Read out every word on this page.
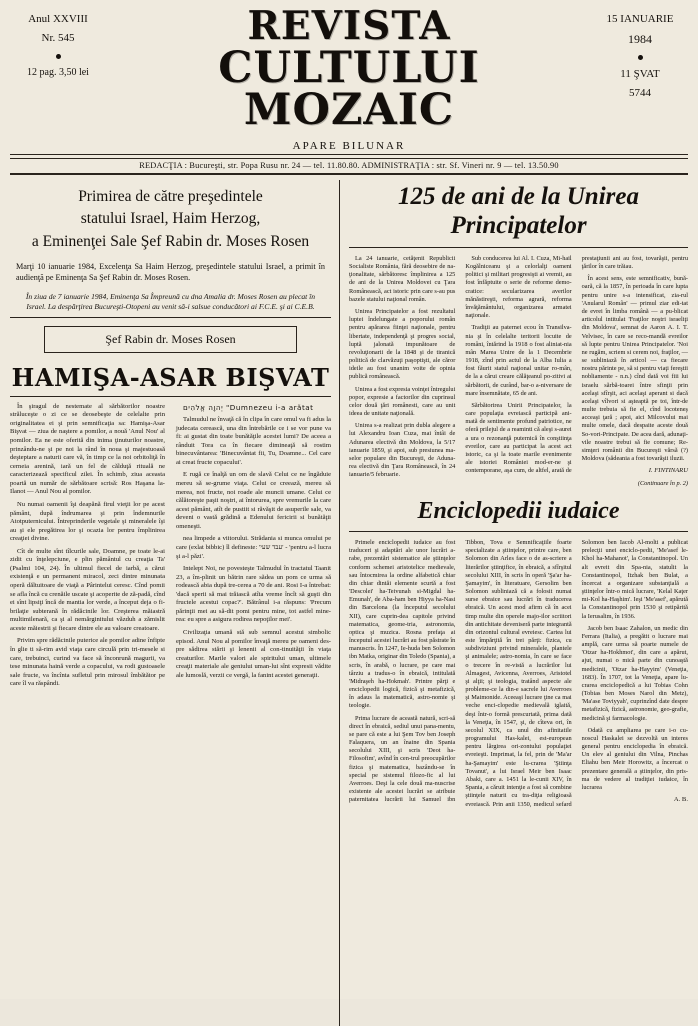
Anul XXVIII
Nr. 545
12 pag. 3,50 lei
REVISTA
CULTULUI MOZAIC
APARE BILUNAR
15 IANUARIE
1984
11 ŞVAT
5744
REDACŢIA : Bucureşti, str. Popa Rusu nr. 24 — tel. 11.80.80. ADMINISTRAŢIA : str. Sf. Vineri nr. 9 — tel. 13.50.90
Primirea de către preşedintele
statului Israel, Haim Herzog,
a Eminenţei Sale Şef Rabin dr. Moses Rosen
Marţi 10 ianuarie 1984, Excelenţa Sa Haim Herzog, preşedintele statului Israel, a primit în audienţă pe Eminenţa Sa Şef Rabin dr. Moses Rosen.
În ziua de 7 ianuarie 1984, Eminenţa Sa Împreună cu dna Amalia dr. Moses Rosen au plecat în Israel. La despărţirea Bucureşti-Otopeni au venit să-i salsue conducători ai F.C.E. şi ai C.E.B.
Şef Rabin dr. Moses Rosen
HAMIŞA-ASAR BIŞVAT

În şiragul de nestemate al sărbătorilor noastre străluceşte o zi ce se deosebeşte de celelalte prin originalitatea ei şi prin semnificaţia sa: Hamişa-Asar Bişvat — ziua de naştere a pomilor, a nouă 'Anul Nou' al pomilor. Ea ne este oferită din inima ţinuturilor noastre, prinzându-ne şi pe noi la rând în noua şi majestuoasă deşteptare a naturii care vă, în timp ce la noi orbitoliţă în cerneia arenină, iară un fel de călduţă rituală ne caracterizează specificul zilei. În schimb, ziua aceasta poartă un număr de sărbătoare scrisă: Ros Haşana la-Ilanot — Anul Nou al pomilor.

Nu numai oamenii îşi deapănă firul vieţii lor pe acest pământ, după îndrumarea şi prin îndemnurile Atotputernicului. Întreprinderile vegetale şi mineralele îşi au şi ele pregătirea lor şi ocazia lor pentru împlinirea creaţiei divine.

Cît de multe sînt tîlcurile sale, Doamne, pe toate le-ai zidit cu înţelepciune, e plin pământul cu creaţia Ta' (Psalmi 104, 24). În ultimul fiecel de iarbă, a cărui existenţă e un permanent miracol, zeci dintre minunata operă dăltuitoare de viaţă a Pârintelui ceresc. Cînd pomii se afla încă cu crenăile uscate şi acoperite de ză-padă, cînd ei sînt lipsiţi încă de mantia lor verde, a început deja o fi-brilaţie subterană în rădăcinile lor. Creşterea măiastră multimilenară, ca şi al nemărginitului văzduh a zămislit aceste măiestrii şi fiecare dintre ele au valoare creatoare.

Privim spre rădăcinile puterice ale pomilor adine înfipte în glie ti să-rim avid viaţa care circulă prin tri-mesele si care, trebuinci, curind va face să înconrună magurii, va tese minunata haină verde a copacului, va rodi gustoasele sale fructe, va încînta sufletul prin mirosul îmbătător pe care îl va răspândi.

יְהוָה אֱלֹהִים "Dumnezeu i-a arătat

Talmudul ne învaţă că în clipa în care omul va fi adus la judecata cerească, una din întrebările ce i se vor pune va fi: ai gustat din toate bunătăţile acestei lumi? De aceea a rânduit Tora ca în fiecare dimineaţă să rostim binecuvântarea: 'Binecuvântat fii, Tu, Doamne... Cel care ai creat fructe copacului'.

E rugă ce înalţă un om de slavă Celui ce ne îngăduie mereu să se-grume viaţa. Celui ce creează, mereu să merea, noi fructe, noi roade ale muncii umane. Celui ce călătoreşte paşii noştri, ai întorurea, spre vremurile la care acest pământ, atît de pustiit si răvăşit de asuperile sale, va deveni o vastă grădină a Edenului fericirii si bunătăţii omeneşti.

nea limpede a viitorului. Strădania si munca omului pe care (exlat bibbic) îl defineste: 'עבד שעי' - 'pentru a-l lucra şi a-l păzi'.

Intelept Noi, ne povesteşte Talmudul în tractatul Taanit 23, a îm-plinit un bătrin rare sădea un pom ce urma să rodească abia după tre-cerea a 70 de ani. Rosi I-a întrebat: 'dacă sperii să mai trăiască atîta vreme încît să guşti din fructele acestui copac?'. Bătrânul i-a răspuns: 'Precum părinţii mei au să-dit pomi pentru mine, tot astfel mine-rea: eu spre a asigura rodirea nepoţilor mei'.

Civilizaţia umană stă sub semnul acestui simbolic episod. Anul Nou al pomilor învaţă mereu pe oameni des-pre sădirea stării şi lenenii al con-tinuităţii în viaţa creaturilor. Marile valori ale spiritului uman, ultimele creaţii materiale ale geniului uman-lui sînt expresii vădite ale lumoslă, verzii ce vergă, la fanint acestei generaţii.

125 de ani de la Unirea
Principatelor

La 24 ianuarie, cetăţenii Republicii Socialiste România, fără deosebire de na-ţionalitate, sărbătoresc împlinirea a 125 de ani de la Unirea Moldovei cu Ţara Românească, act istoric prin care s-au pus bazele statului naţional român.

Unirea Principatelor a fost rezultatul luptei îndelungate a poporului român pentru apărarea fiinţei naţionale, pentru libertate, independenţă şi progres social, luptă jalonată impunătoare de revoluţionarii de la 1848 şi de tiranică politică de clarvăzuţi paşoptişti, ale căror ideile au fost unanim voite de opinia publică românească.

Unirea a fost expresia voinţei întregului popor, expresie a factorilor din cuprinsul celor două ţări românesti, care au unit ideea de unitate naţională.

Unirea s-a realizat prin dubla alegere a lui Alexandru Ioan Cuza, mai întâi de Adunarea electivă din Moldova, la 5/17 ianuarie 1859, şi apoi, sub presiunea ma-selor populare din Bucureşti, de Aduna-rea electivă din Ţara Românească, în 24 ianuarie/5 februarie.

Sub conducerea lui Al. I. Cuza, Mi-hail Kogălniceanu şi a celorlalţi oameni politici şi militari progresişti ai vremii, au fost înfăptuite o serie de reforme demo-cratice: secularizarea averilor mănăstireşti, reforma agrară, reforma învăţământului, organizarea armatei naţionale.

Tradiţii au paternei ecou în Transilva-nia şi în celelalte teritorii locuite de români, întărind la 1918 o fost aliniat-nia mân Marea Unire de la 1 Decembrie 1918, zînd prin actul de la Alba Iulia a fost făurit statul naţional unitar ro-mân, de la a cărui creare călăţeanul po-zitivi ai sărbătorii, de curând, bar-o a-niversare de mare însemnătate, 65 de ani.

Sărbătorirea Unirii Principatelor, la care populaţia evreiască participă ani-mată de sentimente profund patriotice, ne oferă prilejul de a reaminti că aleşi s-aurei a ura o rezonanţă puternică în conştiinţa evreilor, care au participat la acest act istoric, ca şi la toate marile evenimente ale istoriei României mod-er-ne şi contemporane, aşa cum, de altfel, arată de prestaţiunii ani au fost, tovarăşii, pentru ţărilor în care trăiau.

În acest sens, este semnificativ, bună-oară, că la 1857, în perioada în care lupta pentru unire s-a intensificat, zia-rul 'Anularul Român' — primul ziar edi-tat de evrei în limba română — a pu-blicat articolul intitulat 'Fraţilor noştri israeliţi din Moldova', semnat de Aaron A. I. T. Velvisec, în care se reco-mandă evreilor să lupte pentru Unirea Principatelor. 'Noi ne rugăm, scriem si cerem noi, fraţilor, — se subliniază în articol — ca fiecare nostru părinte pe, să si pentru viaţi fereştii nobliamente - n.n.) cînd dată voi fiii lui israelu sărbă-toarei între sfinţii prin acelaşi sfîrşit, aci acelaşi aperant si dacă acelaşi vîlvori si aşteaptă pe toi, într-de multe trebuia să fie el, cînd locoteneş acceaşi ţară ; apoi, aici Milcovului mai multe omele, dacă despaite aceste două So-vori-Principate. De acea dară, adunaţi-vile noastre trebui să fie comune; Re-simţeri românii din Bucureşti vărsă (?) Moldova (sădeania a fost tovarăşii iluzii.

I. FINTINARU

(Continuare în p. 2)

Enciclopedii iudaice

Primele enciclopedii iudaice au fost traduceri şi adaptări ale unor lucrări a-rabe, prezentări sistematice ale ştiinţelor conform schemei aristotelice medievale, sau întocmirea la ordine alfabetică chiar din chiar dintăi elemente scurtă a fost 'Descolei' ha-Teivunah si-Migdal ha-Emunah', de Aba-ham ben Hiyya ha-Nasi din Barcelona (la începutul secolului XII), care cuprin-dea capitole privind matematica, geome-tria, astronomia, optica şi muzica. Rosna prefaţa ai începutul acestei lucrări au fost păstrate în manuscris. În 1247, Ie-huda ben Solomon ibn Matka, originar din Toledo (Spania), a scris, în arabă, o lucrare, pe care mai târziu a tradus-o în ebraică, intitulată 'Midraşeh ha-Hokmah'. Printre părţi e enciclopedii logică, fizică şi metafizică, în adaus la matematică, astro-nomie şi teologie.

Prima lucrare de această natură, scri-să direct în ebraică, sediul unui pana-mentu, se pare că este a lui Şem Tov ben Joseph Falaquera, un an înaine din Spania secolului XIII, şi scris 'Deot ha-Filosofim', avînd în cen-trul preocupărilor fizica şi matematica, bazându-se în special pe sistemul filozo-fic al lui Averroes. Deşi la cele două ma-nuscrise existente ale acestei lucrări se atribuie paternitatea lucrării lui Samuel ibn Tibbon, Tova e Semnificaţiile foarte specializate a ştiinţelor, printre care, ben Solomon din Arles face o de as-scriere a literărilor ştiinţifice, în ebraică, a sfîrşitul secolului XIII, în scris în operă 'Şa'ar ha-Şamayim', în literatuare, Gersolim ben Solomon subliniază că a folosit numai surse ebraice sau lucrări în traducerea ebraică. Un acest mod afirm că în acei timp multe din operele majo-ilor scriitori din antichitate deveniseră parte integrantă din orizontul cultural evreiesc. Cartea lui este împărţită în trei părţi: fizica, cu subdiviziuni privind mineralele, plantele şi animalele; astro-nomia, în care se face o trecere în re-vistă a lucrărilor lui Almagest, Avicenna, Averroes, Aristotel şi alţii; şi teologia, tratând aspecte ale probleme-ce la din-e sacrele lui Averroes şi Maimonide. Aceeaşi lucrare ţine ca mai veche enci-clopedie medievală iglaită, deşi într-o formă prescurtată, prima dată la Veneţia, în 1547, şi, de cîteva ori, în secolul XIX, ca unul din afinitatile programului Has-kalei, est-european pentru lărgirea ori-zontului populaţiei evreieşti. Imprimat, la fel, prin de 'Ma'ar ha-Şamayim' este lu-crarea 'Ştiinţa Tovanut', a lui Israel Meir ben Isaac Abaki, care a. 1451 la le-cunii XIV, în Spania, a căruit intenţie a fost să combine ştiinţele naturii cu tra-diţia religioasă evreiască. Prin anii 1350, medicul sefard Solomon ben Iacob Al-molti a publicat prelecţii unei enciclo-pedii, 'Me'asef le-Khol ha-Mahanot', la Constantinopol. Un alt evreit din Spa-nia, statulit la Constantinopol, Itzhak ben Bulat, a încercat a organizare substanţială a ştiinţelor într-o mică lucrare, 'Kelal Kaţer mi-Kol ha-Haşhim'. Ieşi 'Me'asef', apărută la Constantinopol prin 1530 şi retipărită la Ierusalim, în 1936.

Jacob ben Isaac Zahalon, un medic din Ferrara (Italia), a pregătit o lucrare mai amplă, care urma să poarte numele de 'Otzar ha-Hokhmot', din care a apărut, ajut, numai o mică parte din cunoaştă medicinii, 'Otzar ha-Hayyim' (Veneţia, 1683). În 1707, tot la Veneţia, apare lu-crarea enciclopedică a lui Tobias Cohn (Tobias ben Moses Narol din Metz), 'Ma'ase Toviyyah', cuprinzînd date despre metafizică, fizică, astronomie, geo-grafie, medicină şi farmacologie.

Odată cu ampliarea pe care i-o cu-noscul Haskalei se dezvoltă un interes general pentru enciclopedia în ebraică. Un elev al geniului din Vilna, Pinchas Eliahu ben Meir Horowitz, a încercat o prezentare generală a ştiinţelor, din pris-ma de vedere al tradiţiei iudaice, în lucrarea

A. B.
